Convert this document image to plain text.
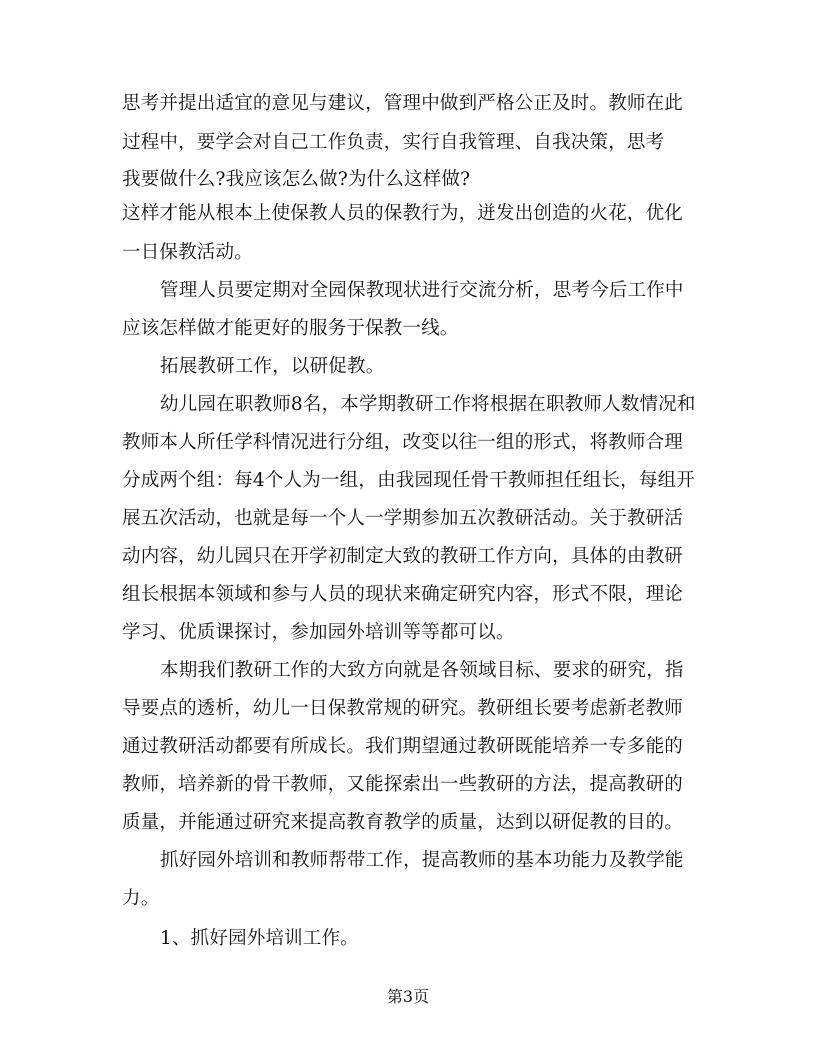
思考并提出适宜的意见与建议，管理中做到严格公正及时。教师在此
过程中，要学会对自己工作负责，实行自我管理、自我决策，思考
我要做什么?我应该怎么做?为什么这样做?
这样才能从根本上使保教人员的保教行为，迸发出创造的火花，优化
一日保教活动。
管理人员要定期对全园保教现状进行交流分析，思考今后工作中
应该怎样做才能更好的服务于保教一线。
拓展教研工作，以研促教。
幼儿园在职教师8名，本学期教研工作将根据在职教师人数情况和
教师本人所任学科情况进行分组，改变以往一组的形式，将教师合理
分成两个组：每4个人为一组，由我园现任骨干教师担任组长，每组开
展五次活动，也就是每一个人一学期参加五次教研活动。关于教研活
动内容，幼儿园只在开学初制定大致的教研工作方向，具体的由教研
组长根据本领域和参与人员的现状来确定研究内容，形式不限，理论
学习、优质课探讨，参加园外培训等等都可以。
本期我们教研工作的大致方向就是各领域目标、要求的研究，指
导要点的透析，幼儿一日保教常规的研究。教研组长要考虑新老教师
通过教研活动都要有所成长。我们期望通过教研既能培养一专多能的
教师，培养新的骨干教师，又能探索出一些教研的方法，提高教研的
质量，并能通过研究来提高教育教学的质量，达到以研促教的目的。
抓好园外培训和教师帮带工作，提高教师的基本功能力及教学能
力。
1、抓好园外培训工作。
第3页
